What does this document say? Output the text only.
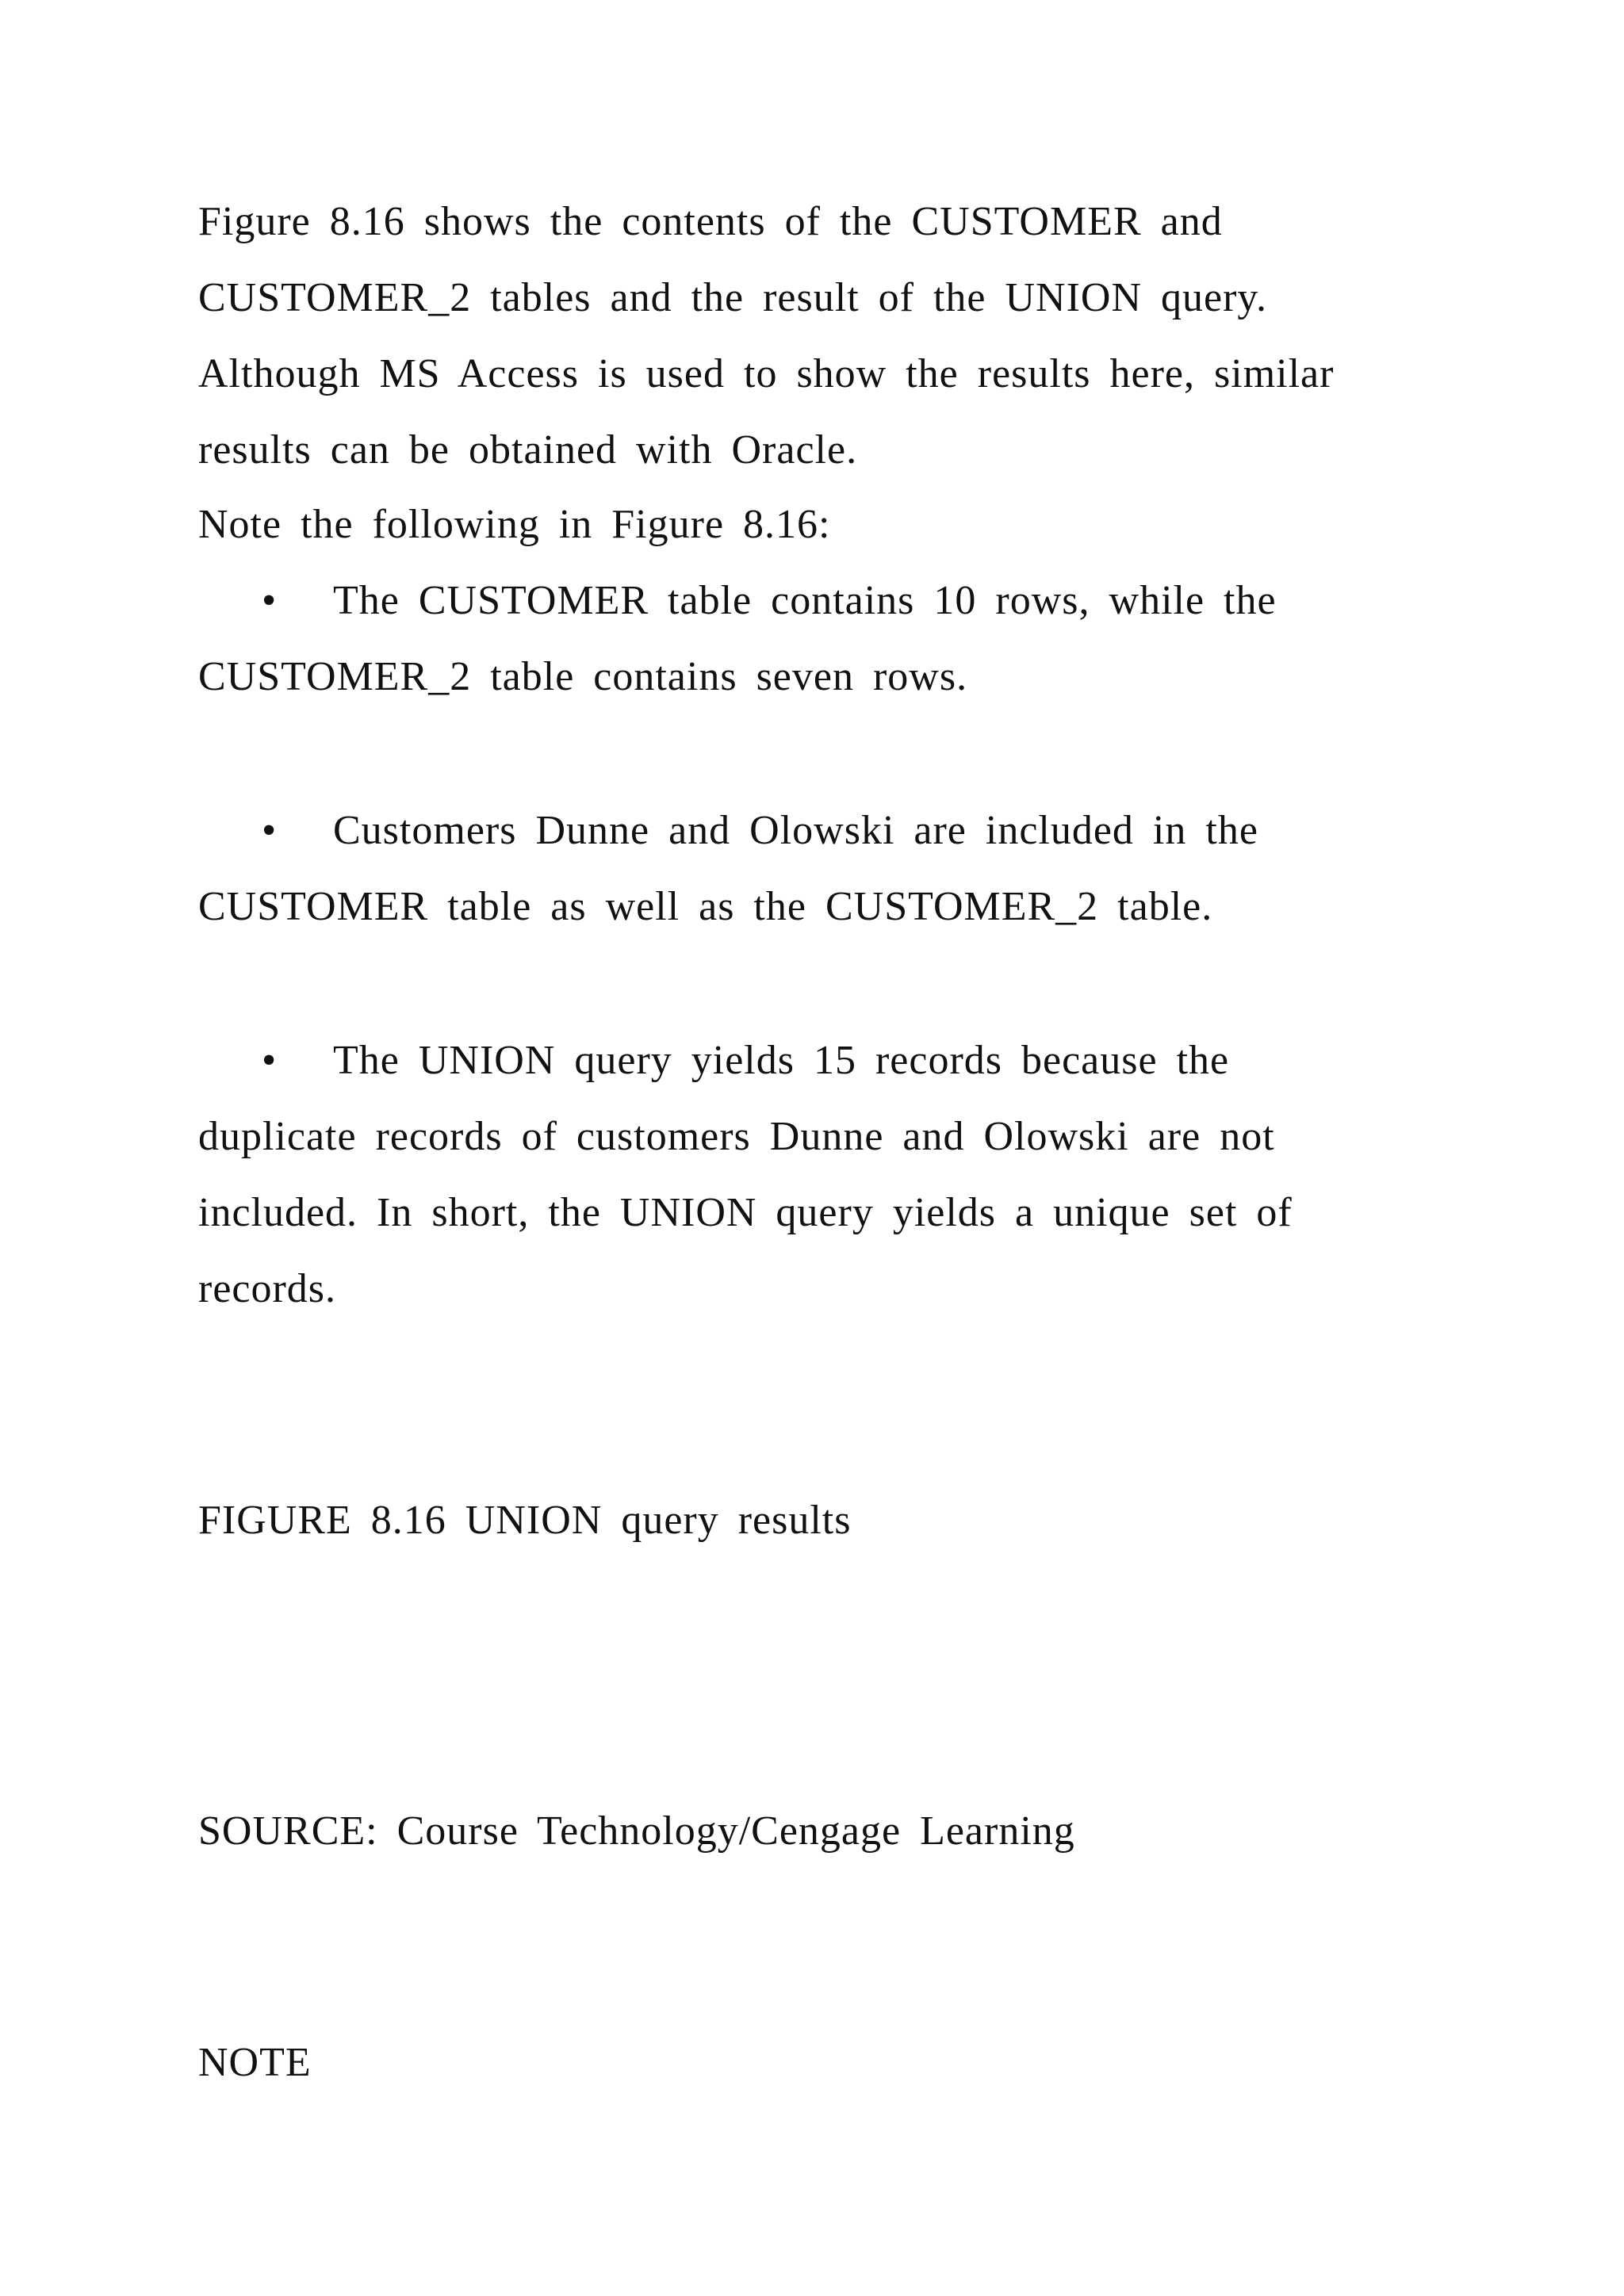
Figure 8.16 shows the contents of the CUSTOMER and
CUSTOMER_2 tables and the result of the UNION query.
Although MS Access is used to show the results here, similar
results can be obtained with Oracle.
Note the following in Figure 8.16:
• The CUSTOMER table contains 10 rows, while the
CUSTOMER_2 table contains seven rows.
• Customers Dunne and Olowski are included in the
CUSTOMER table as well as the CUSTOMER_2 table.
• The UNION query yields 15 records because the
duplicate records of customers Dunne and Olowski are not
included. In short, the UNION query yields a unique set of
records.
FIGURE 8.16 UNION query results
SOURCE: Course Technology/Cengage Learning
NOTE
